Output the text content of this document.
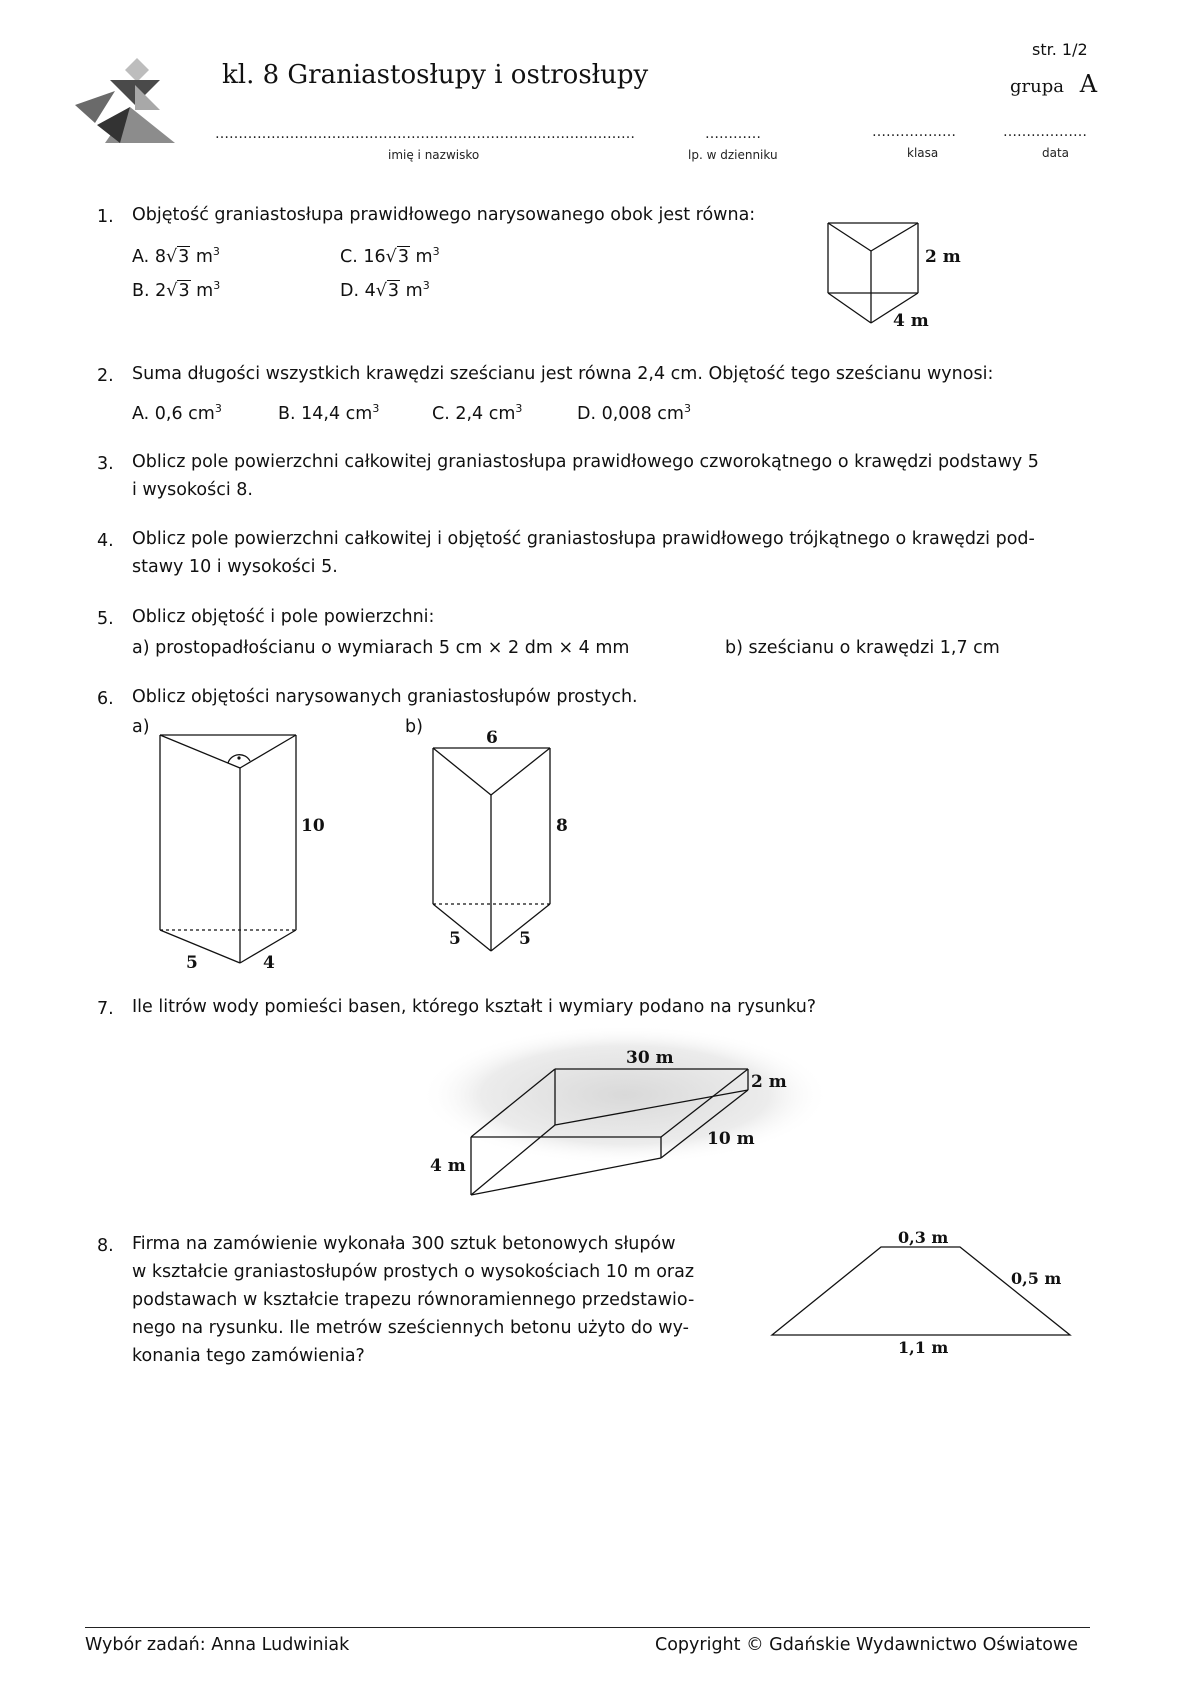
kl. 8 Graniastosłupy i ostrosłupy
str. 1/2
grupa A
………………………………………………………………………………
imię i nazwisko
…………
lp. w dzienniku
………………
klasa
………………
data
1. Objętość graniastosłupa prawidłowego narysowanego obok jest równa:
A. 8√3 $m^3$	C. 16√3 $m^3$
B. 2√3 $m^3$	D. 4√3 $m^3$
2 m
4 m
2. Suma długości wszystkich krawędzi sześcianu jest równa 2,4 cm. Objętość tego sześcianu wynosi:
A. 0,6 $cm^3$	B. 14,4 $cm^3$	C. 2,4 $cm^3$	D. 0,008 $cm^3$
3. Oblicz pole powierzchni całkowitej graniastosłupa prawidłowego czworokątnego o krawędzi podstawy 5
i wysokości 8.
4. Oblicz pole powierzchni całkowitej i objętość graniastosłupa prawidłowego trójkątnego o krawędzi pod-
stawy 10 i wysokości 5.
5. Oblicz objętość i pole powierzchni:
a) prostopadłościanu o wymiarach 5 cm × 2 dm × 4 mm	b) sześcianu o krawędzi 1,7 cm
6. Oblicz objętości narysowanych graniastosłupów prostych.
a)	b)
10
5	4
6
8
5	5
7. Ile litrów wody pomieści basen, którego kształt i wymiary podano na rysunku?
30 m
2 m
10 m
4 m
8. Firma na zamówienie wykonała 300 sztuk betonowych słupów
w kształcie graniastosłupów prostych o wysokościach 10 m oraz
podstawach w kształcie trapezu równoramiennego przedstawio-
nego na rysunku. Ile metrów sześciennych betonu użyto do wy-
konania tego zamówienia?
0,3 m
0,5 m
1,1 m
Wybór zadań: Anna Ludwiniak	Copyright © Gdańskie Wydawnictwo Oświatowe
